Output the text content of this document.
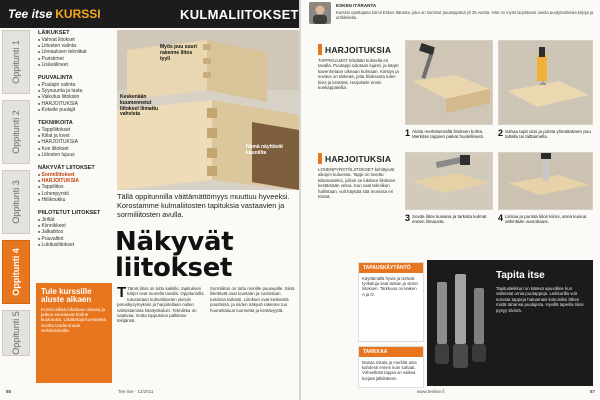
Tee itse KURSSI	KULMALIITOKSET
Oppitunti 1
Oppitunti 2
Oppitunti 3
Oppitunti 4
Oppitunti 5
LÄIKUKSET
■ Vahvat liitokset
■ Liitosten valinta
■ Liimauksen tekniikat
■ Puristimet
■ Lisävälineet
PUUVALINTA
■ Puulajin valinta
■ Syysuunta ja laatu
■ Vaikutus liitoksiin
■ HARJOITUKSIA
■ Kokeile puulajit
TEKNIIKOITA
■ Tappiliitokset
■ Kiilat ja lovet
■ HARJOITUKSIA
■ Koe liitokset
■ Liitosten lujuus
NÄKYVÄT LIITOKSET
■ Sormiliitokset
■ HARJOITUKSIA
■ Tappiliitos
■ Lohenpyrstö
■ Hiilikoukku
PIILOTETUT LIITOKSET
■ Jirillät
■ Kiinnikkeet
■ Jalkaliitos
■ Puuvaltiot
■ Lukitusliitokset
Tule kurssille aluste alkaen
Kurssi alkaa lokakuun alussa ja jatkuu seuraavat kolme kuukautta. Lisätietoja kursseista sivulta Uudenmaan verkkosivuilta.
Myös puu suuri rakenne liitos tyyli
Keskenään kuumennetut liitokset liimattu vahvista
Nämä näyttävät kauniilta
Tällä oppitunnilla väittämättömyys muuttuu hyveeksi. Korostamme kulmaliitosten tapituksia vastaavien ja sormiliitosten avulla.
Näkyvät liitokset
T Tämä liitos on tuttu kaikille, tapituksen kärjet ovat monella tavalla. Oppitunnilla tutustutaan kulmaliitosten yleisiin peruskysymyksiin ja harjoitellaan niiden valmistamista käsityökaluin. Tekniikka on vaativaa, mutta lopputulos palkitsee tekijänsä.
Sormiliitos on tuttu monille puusepille. Siinä liitettävät osat lovetaan ja sovitetaan toisiinsa tarkasti. Liitokset ovat keskeisiä puutöissä, ja niiden näkyvä rakenne tuo huonekaluun luonnetta ja kestävyyttä.
88	Tee itse · 12/2011
ESKEN ITÄRANTA
Kurssin opettajana toimii Esken Itäranta, joka on toiminut puuseppänä yli 25 vuotta. Hän on myös kirjoittanut useita puutyöaiheisia kirjoja ja artikkeleita.
HARJOITUKSIA
TAPPIKULMAT tehdään kolmella eri tavalla. Puutappi sidotaan lujasti, ja kärjet kavennetaan oikeaan kulmaan. Kiristys ja sovitus on tärkeää, jotta liitoksesta tulee tiivis ja kestävä. Harjoittele ensin koekappaleilla.
1 Aloita merkitsemällä liitoksen kohta. Merkitse tappien paikat huolellisesti.	2 Sahaa tapit ulos ja poista ylimääräinen puu taltalla tai talttaimella.
HARJOITUKSIA
LOHENPYRSTÖLIITOKSET kehittyivät aikojen kuluessa. Tappi on lovettu kiilamaiseksi, jolloin se lukitsee liitoksen kestämään vetoa. Kun saat tekniikan hallintaan, voit käyttää sitä monissa eri töissä.
3 Sovita liitos kuivana ja tarkista kulmat ennen liimausta.	4 Liimaa ja purista liitos kiinni, anna kuivua vähintään vuorokausi.
TAPAUSKÄYTÄNTÖ
Käyttämällä hyviä ja teräviä työkaluja saat tarkan ja siistin liitoksen. Tarkkuus on kaiken A ja O.
TARKKAA
Muista mitata ja merkitä aina kahdesti ennen kuin sahaat. Virheellistä tappia on vaikea korjata jälkikäteen.
Tapita itse
Tapitusleikkuri on kätevä apuväline kun valmistat omia puutappeja. Leikkurilla voit sorvata tappeja haluamasi kokoisiksi lähes mistä tahansa puulajista. Hyvillä tapeilla liitos pysyy tiiviinä.
www.teeitse.fi	87
